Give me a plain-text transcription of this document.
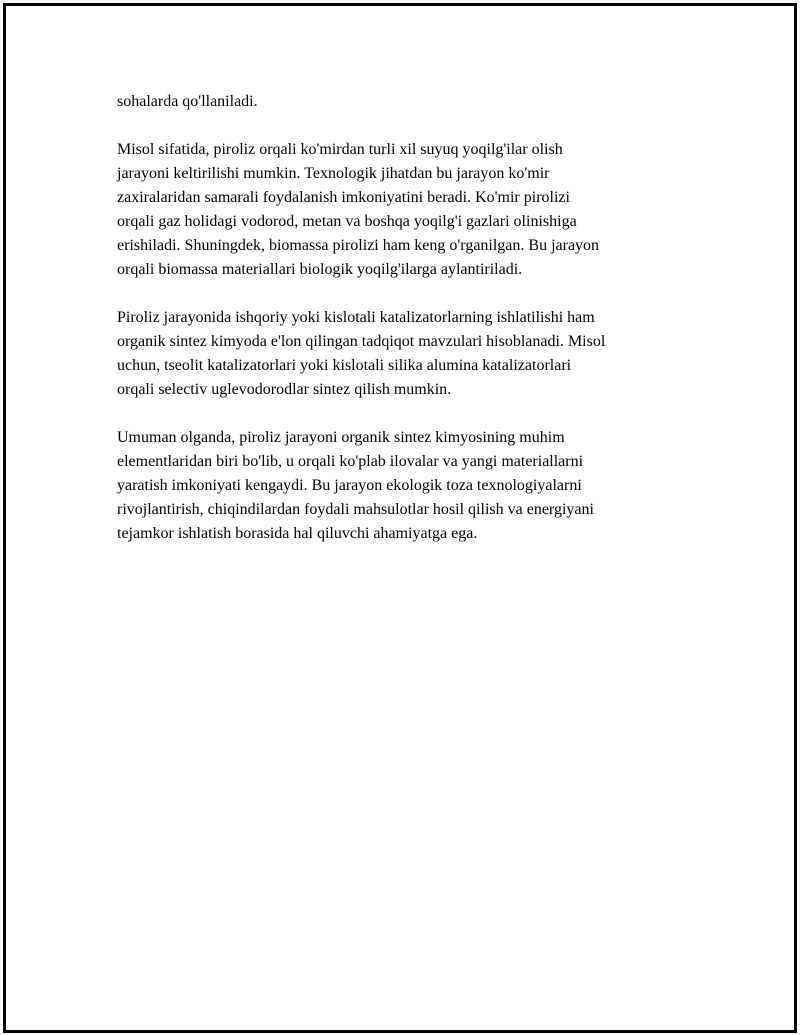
sohalarda qo'llaniladi.

Misol sifatida, piroliz orqali ko'mirdan turli xil suyuq yoqilg'ilar olish
jarayoni keltirilishi mumkin. Texnologik jihatdan bu jarayon ko'mir
zaxiralaridan samarali foydalanish imkoniyatini beradi. Ko'mir pirolizi
orqali gaz holidagi vodorod, metan va boshqa yoqilg'i gazlari olinishiga
erishiladi. Shuningdek, biomassa pirolizi ham keng o'rganilgan. Bu jarayon
orqali biomassa materiallari biologik yoqilg'ilarga aylantiriladi.

Piroliz jarayonida ishqoriy yoki kislotali katalizatorlarning ishlatilishi ham
organik sintez kimyoda e'lon qilingan tadqiqot mavzulari hisoblanadi. Misol
uchun, tseolit katalizatorlari yoki kislotali silika alumina katalizatorlari
orqali selectiv uglevodorodlar sintez qilish mumkin.

Umuman olganda, piroliz jarayoni organik sintez kimyosining muhim
elementlaridan biri bo'lib, u orqali ko'plab ilovalar va yangi materiallarni
yaratish imkoniyati kengaydi. Bu jarayon ekologik toza texnologiyalarni
rivojlantirish, chiqindilardan foydali mahsulotlar hosil qilish va energiyani
tejamkor ishlatish borasida hal qiluvchi ahamiyatga ega.
